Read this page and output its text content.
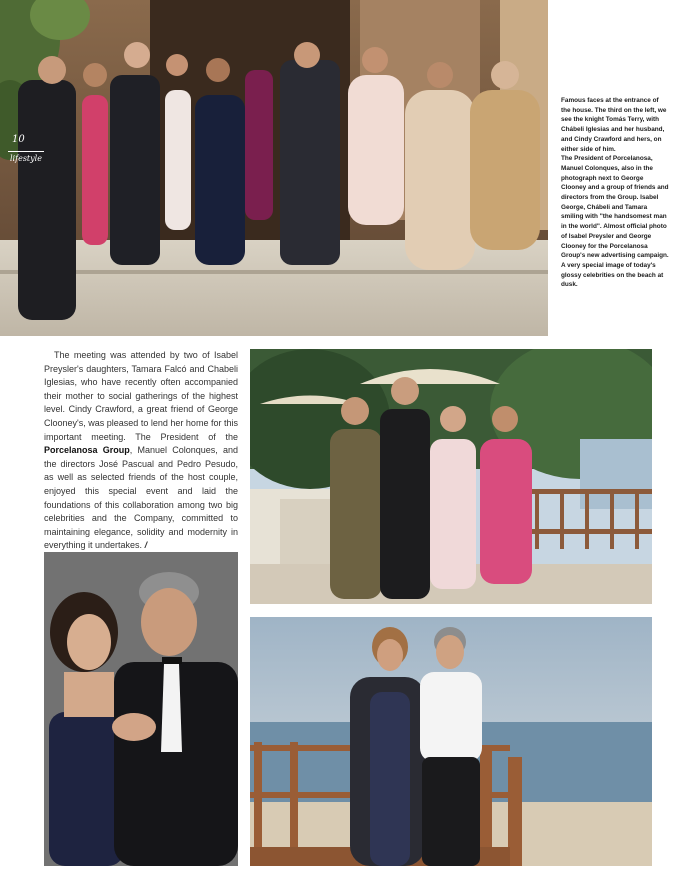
10
lifestyle

Famous faces at the entrance of the house. The third on the left, we see the knight Tomás Terry, with Chábeli Iglesias and her husband, and Cindy Crawford and hers, on either side of him.

The President of Porcelanosa, Manuel Colonques, also in the photograph next to George Clooney and a group of friends and directors from the Group. Isabel George, Chábeli and Tamara smiling with "the handsomest man in the world". Almost official photo of Isabel Preysler and George Clooney for the Porcelanosa Group's new advertising campaign. A very special image of today's glossy celebrities on the beach at dusk.

The meeting was attended by two of Isabel Preysler's daughters, Tamara Falcó and Chabeli Iglesias, who have recently often accompanied their mother to social gatherings of the highest level. Cindy Crawford, a great friend of George Clooney's, was pleased to lend her home for this important meeting. The President of the Porcelanosa Group, Manuel Colonques, and the directors José Pascual and Pedro Pesudo, as well as selected friends of the host couple, enjoyed this special event and laid the foundations of this collaboration among two big celebrities and the Company, committed to maintaining elegance, solidity and modernity in everything it undertakes. /
